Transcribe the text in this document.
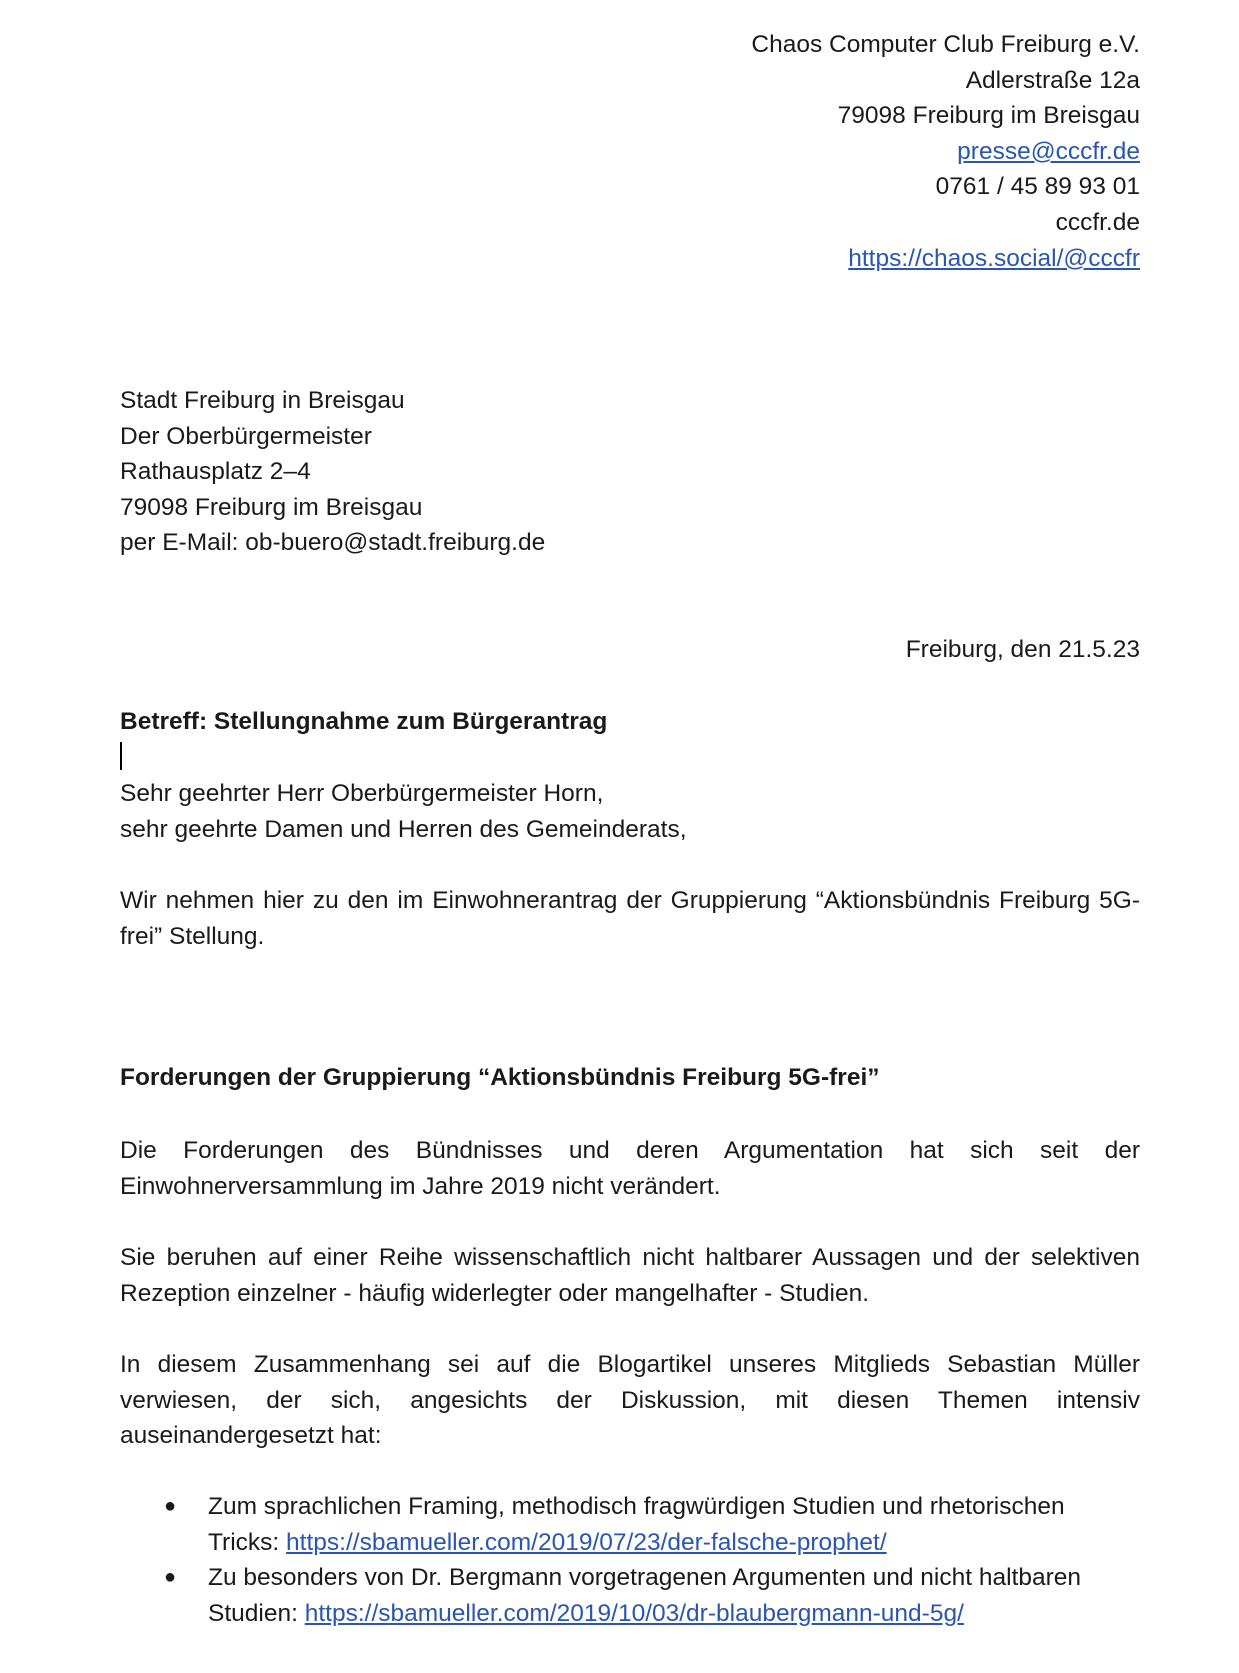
Chaos Computer Club Freiburg e.V.
Adlerstraße 12a
79098 Freiburg im Breisgau
presse@cccfr.de
0761 / 45 89 93 01
cccfr.de
https://chaos.social/@cccfr
Stadt Freiburg in Breisgau
Der Oberbürgermeister
Rathausplatz 2–4
79098 Freiburg im Breisgau
per E-Mail: ob-buero@stadt.freiburg.de
Freiburg, den 21.5.23
Betreff: Stellungnahme zum Bürgerantrag
Sehr geehrter Herr Oberbürgermeister Horn,
sehr geehrte Damen und Herren des Gemeinderats,
Wir nehmen hier zu den im Einwohnerantrag der Gruppierung “Aktionsbündnis Freiburg 5G-frei” Stellung.
Forderungen der Gruppierung “Aktionsbündnis Freiburg 5G-frei”
Die Forderungen des Bündnisses und deren Argumentation hat sich seit der Einwohnerversammlung im Jahre 2019 nicht verändert.
Sie beruhen auf einer Reihe wissenschaftlich nicht haltbarer Aussagen und der selektiven Rezeption einzelner - häufig widerlegter oder mangelhafter - Studien.
In diesem Zusammenhang sei auf die Blogartikel unseres Mitglieds Sebastian Müller verwiesen, der sich, angesichts der Diskussion, mit diesen Themen intensiv auseinandergesetzt hat:
● Zum sprachlichen Framing, methodisch fragwürdigen Studien und rhetorischen Tricks: https://sbamueller.com/2019/07/23/der-falsche-prophet/
● Zu besonders von Dr. Bergmann vorgetragenen Argumenten und nicht haltbaren Studien: https://sbamueller.com/2019/10/03/dr-blaubergmann-und-5g/
